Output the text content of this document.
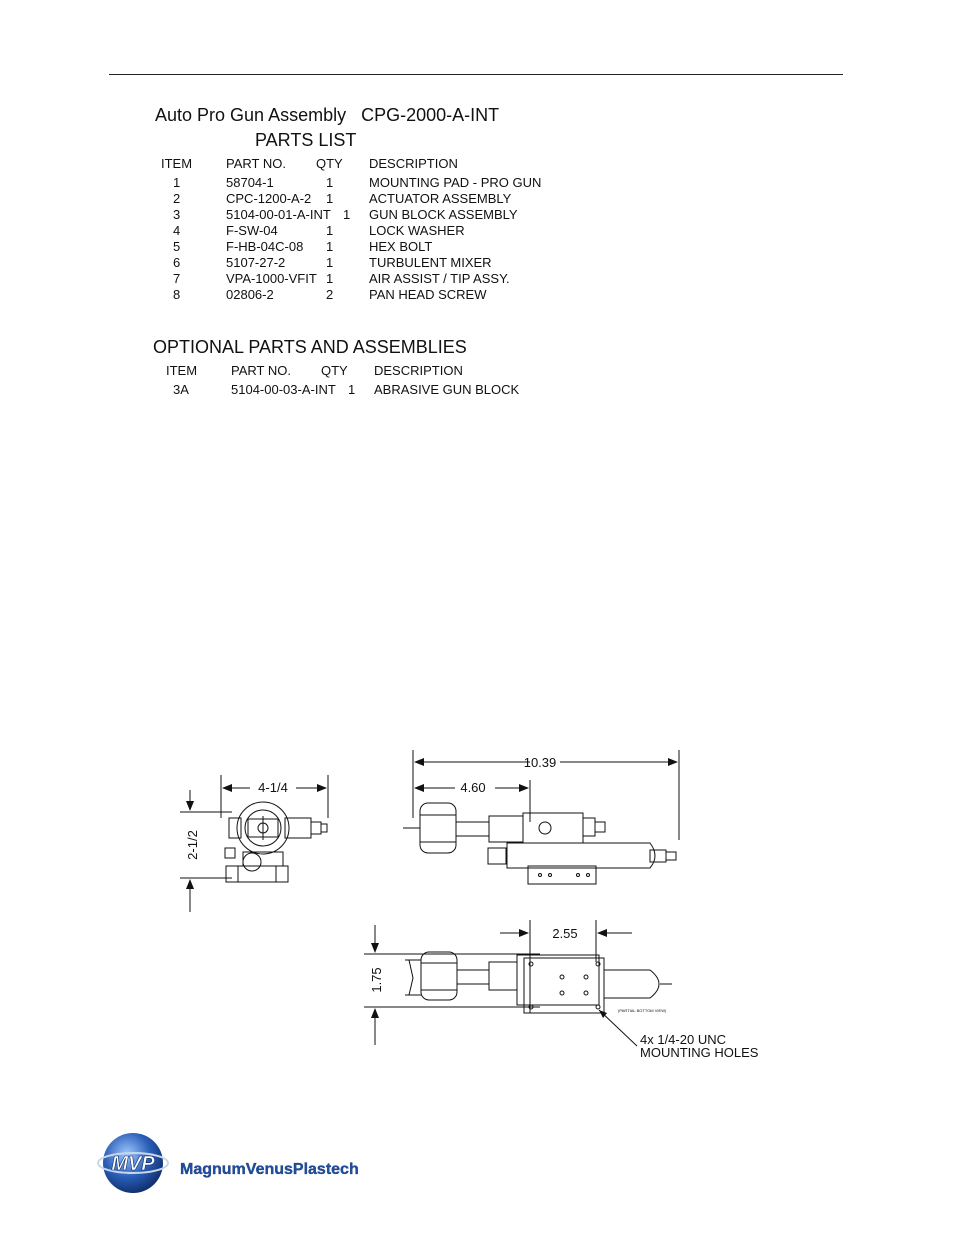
Auto Pro Gun Assembly   CPG-2000-A-INT
PARTS LIST
ITEM	PART NO. QTY DESCRIPTION
1	58704-1	1	MOUNTING PAD - PRO GUN
2	CPC-1200-A-2 1	ACTUATOR ASSEMBLY
3	5104-00-01-A-INT 1 GUN BLOCK ASSEMBLY
4	F-SW-04	1	LOCK WASHER
5	F-HB-04C-08 1	HEX BOLT
6	5107-27-2	1	TURBULENT MIXER
7	VPA-1000-VFIT 1	AIR ASSIST / TIP ASSY.
8	02806-2	2	PAN HEAD SCREW
OPTIONAL PARTS AND ASSEMBLIES
ITEM	PART NO. QTY DESCRIPTION
3A	5104-00-03-A-INT 1 ABRASIVE GUN BLOCK
4-1/4
2-1/2
10.39
4.60
2.55
1.75
(PARTIAL BOTTOM VIEW)
4x 1/4-20 UNC
MOUNTING HOLES
MVP MagnumVenusPlastech
